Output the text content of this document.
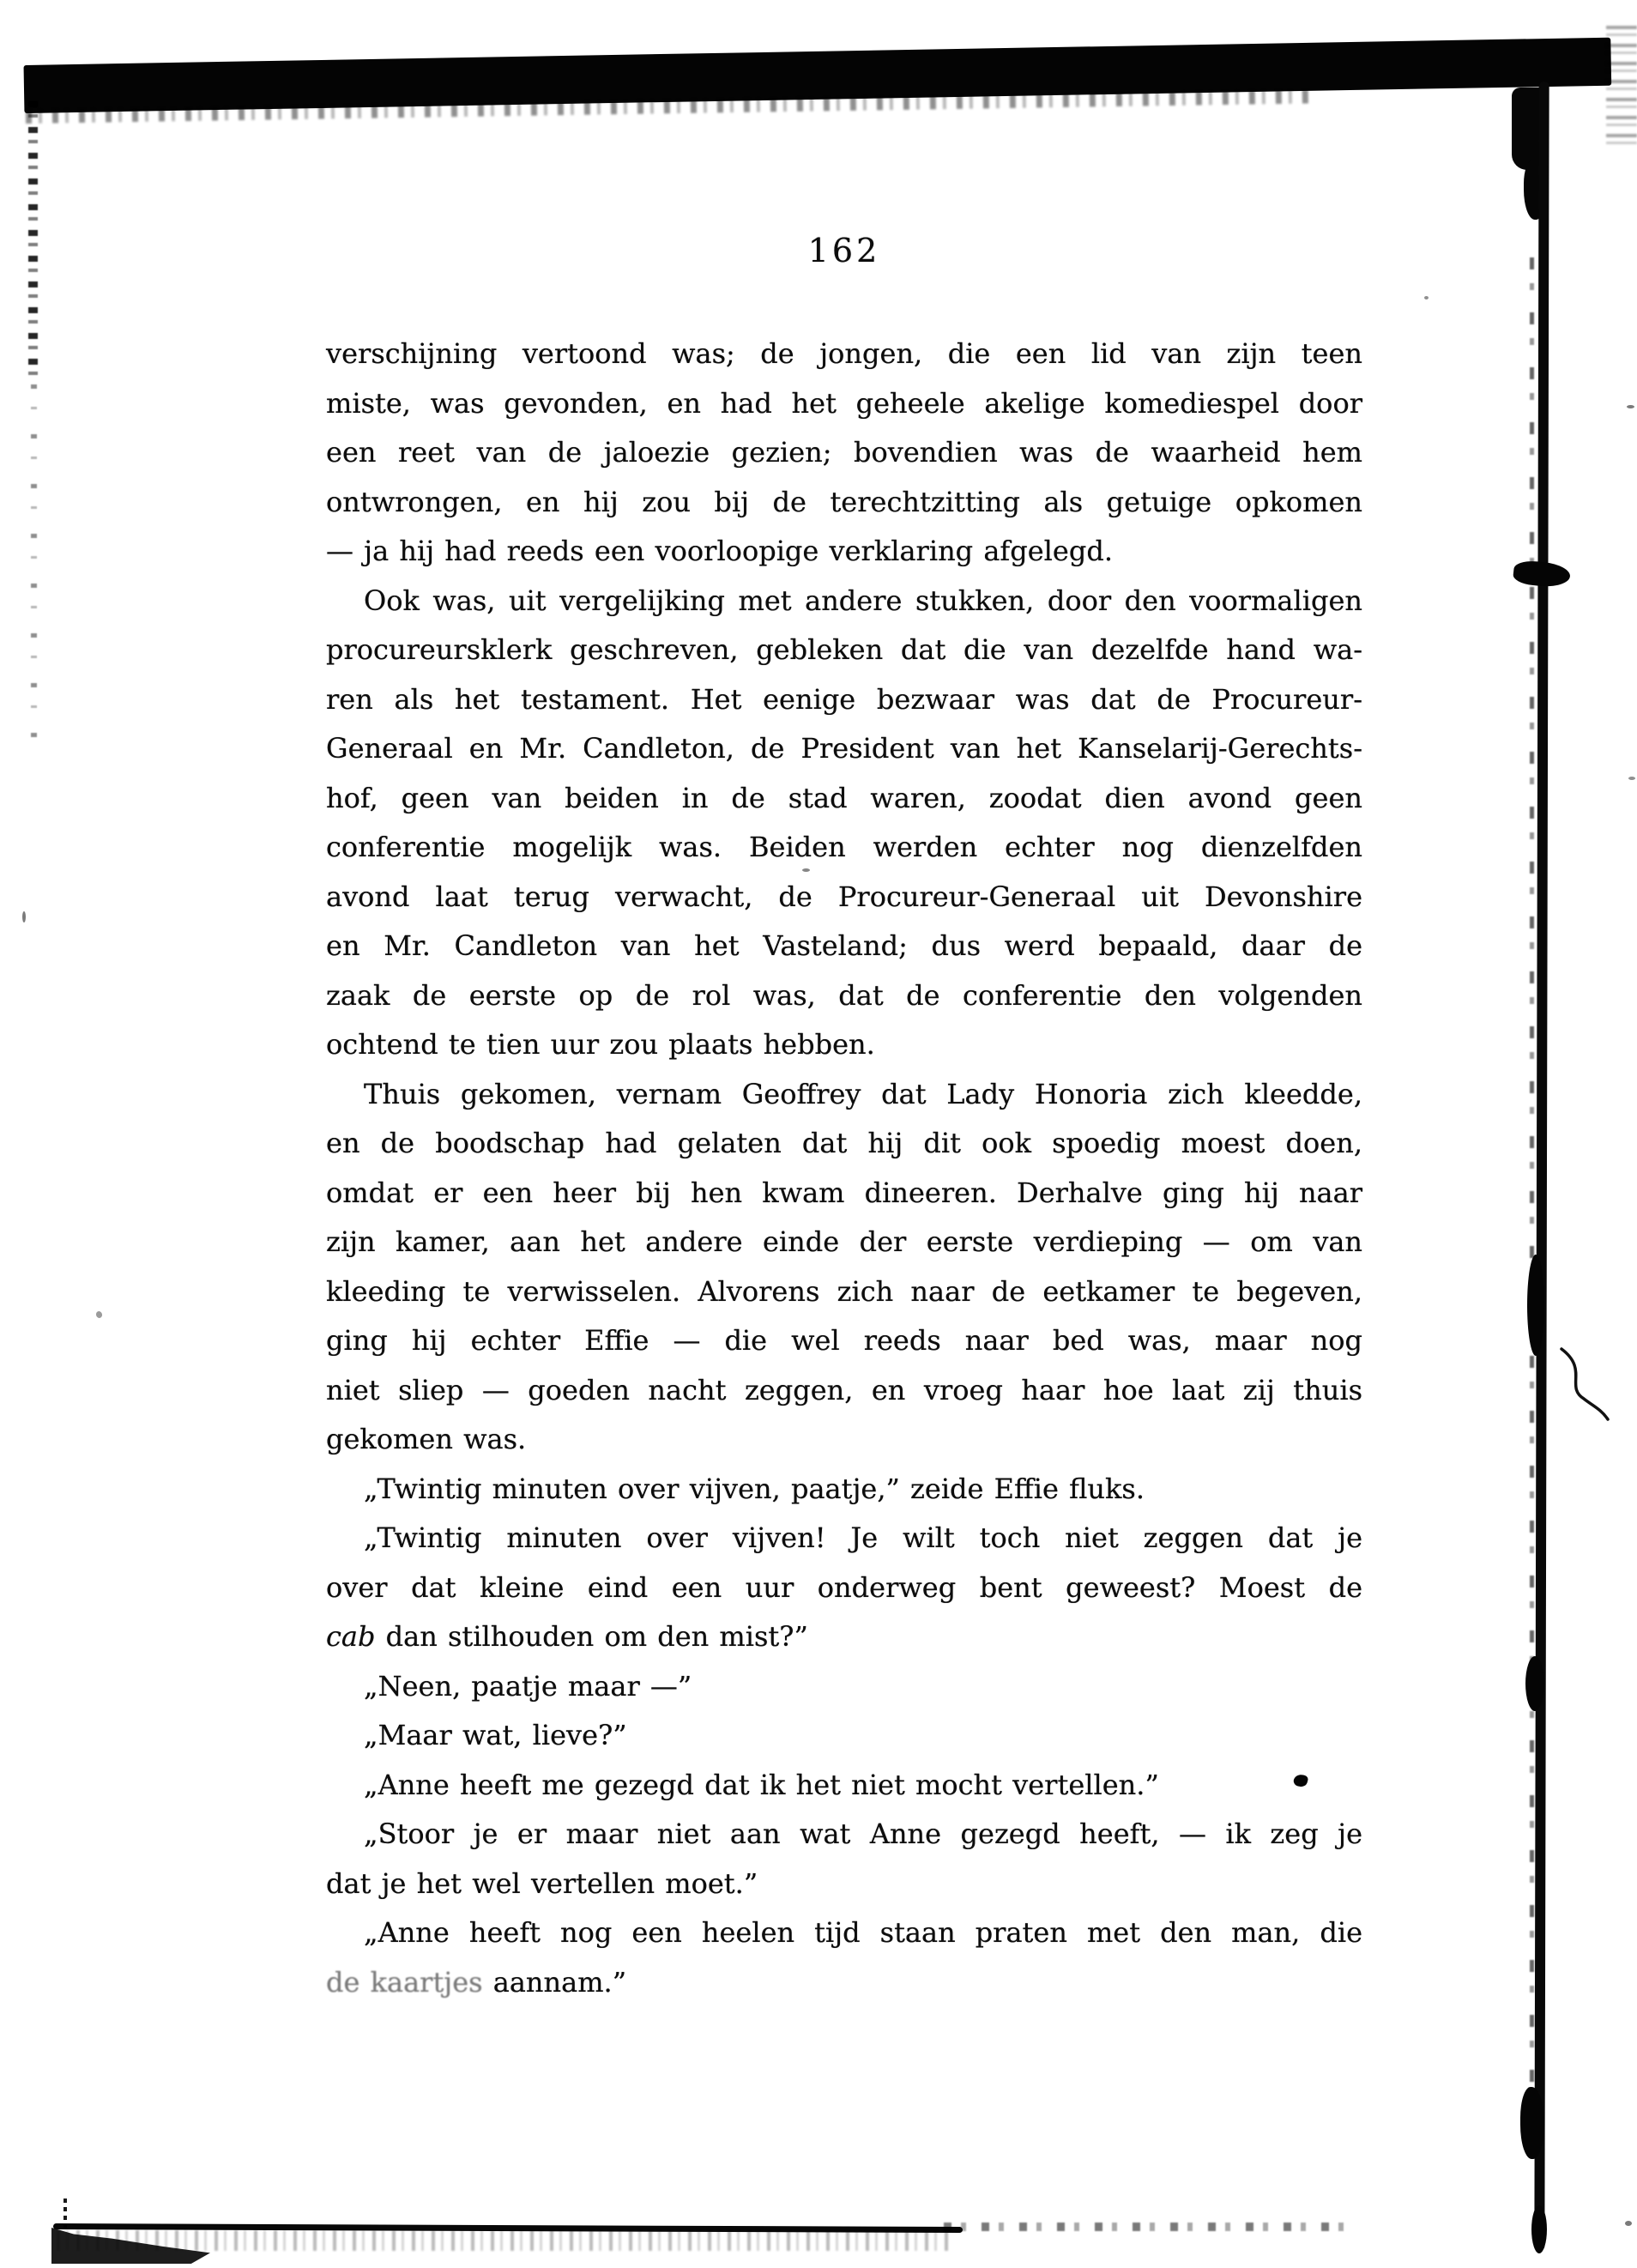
162
verschijning vertoond was; de jongen, die een lid van zijn teen
miste, was gevonden, en had het geheele akelige komediespel door
een reet van de jaloezie gezien; bovendien was de waarheid hem
ontwrongen, en hij zou bij de terechtzitting als getuige opkomen
— ja hij had reeds een voorloopige verklaring afgelegd.
Ook was, uit vergelijking met andere stukken, door den voormaligen
procureursklerk geschreven, gebleken dat die van dezelfde hand wa-
ren als het testament. Het eenige bezwaar was dat de Procureur-
Generaal en Mr. Candleton, de President van het Kanselarij-Gerechts-
hof, geen van beiden in de stad waren, zoodat dien avond geen
conferentie mogelijk was. Beiden werden echter nog dienzelfden
avond laat terug verwacht, de Procureur-Generaal uit Devonshire
en Mr. Candleton van het Vasteland; dus werd bepaald, daar de
zaak de eerste op de rol was, dat de conferentie den volgenden
ochtend te tien uur zou plaats hebben.
Thuis gekomen, vernam Geoffrey dat Lady Honoria zich kleedde,
en de boodschap had gelaten dat hij dit ook spoedig moest doen,
omdat er een heer bij hen kwam dineeren. Derhalve ging hij naar
zijn kamer, aan het andere einde der eerste verdieping — om van
kleeding te verwisselen. Alvorens zich naar de eetkamer te begeven,
ging hij echter Effie — die wel reeds naar bed was, maar nog
niet sliep — goeden nacht zeggen, en vroeg haar hoe laat zij thuis
gekomen was.
„Twintig minuten over vijven, paatje,” zeide Effie fluks.
„Twintig minuten over vijven! Je wilt toch niet zeggen dat je
over dat kleine eind een uur onderweg bent geweest? Moest de
cab dan stilhouden om den mist?”
„Neen, paatje maar —”
„Maar wat, lieve?”
„Anne heeft me gezegd dat ik het niet mocht vertellen.”
„Stoor je er maar niet aan wat Anne gezegd heeft, — ik zeg je
dat je het wel vertellen moet.”
„Anne heeft nog een heelen tijd staan praten met den man, die
de kaartjes aannam.”
